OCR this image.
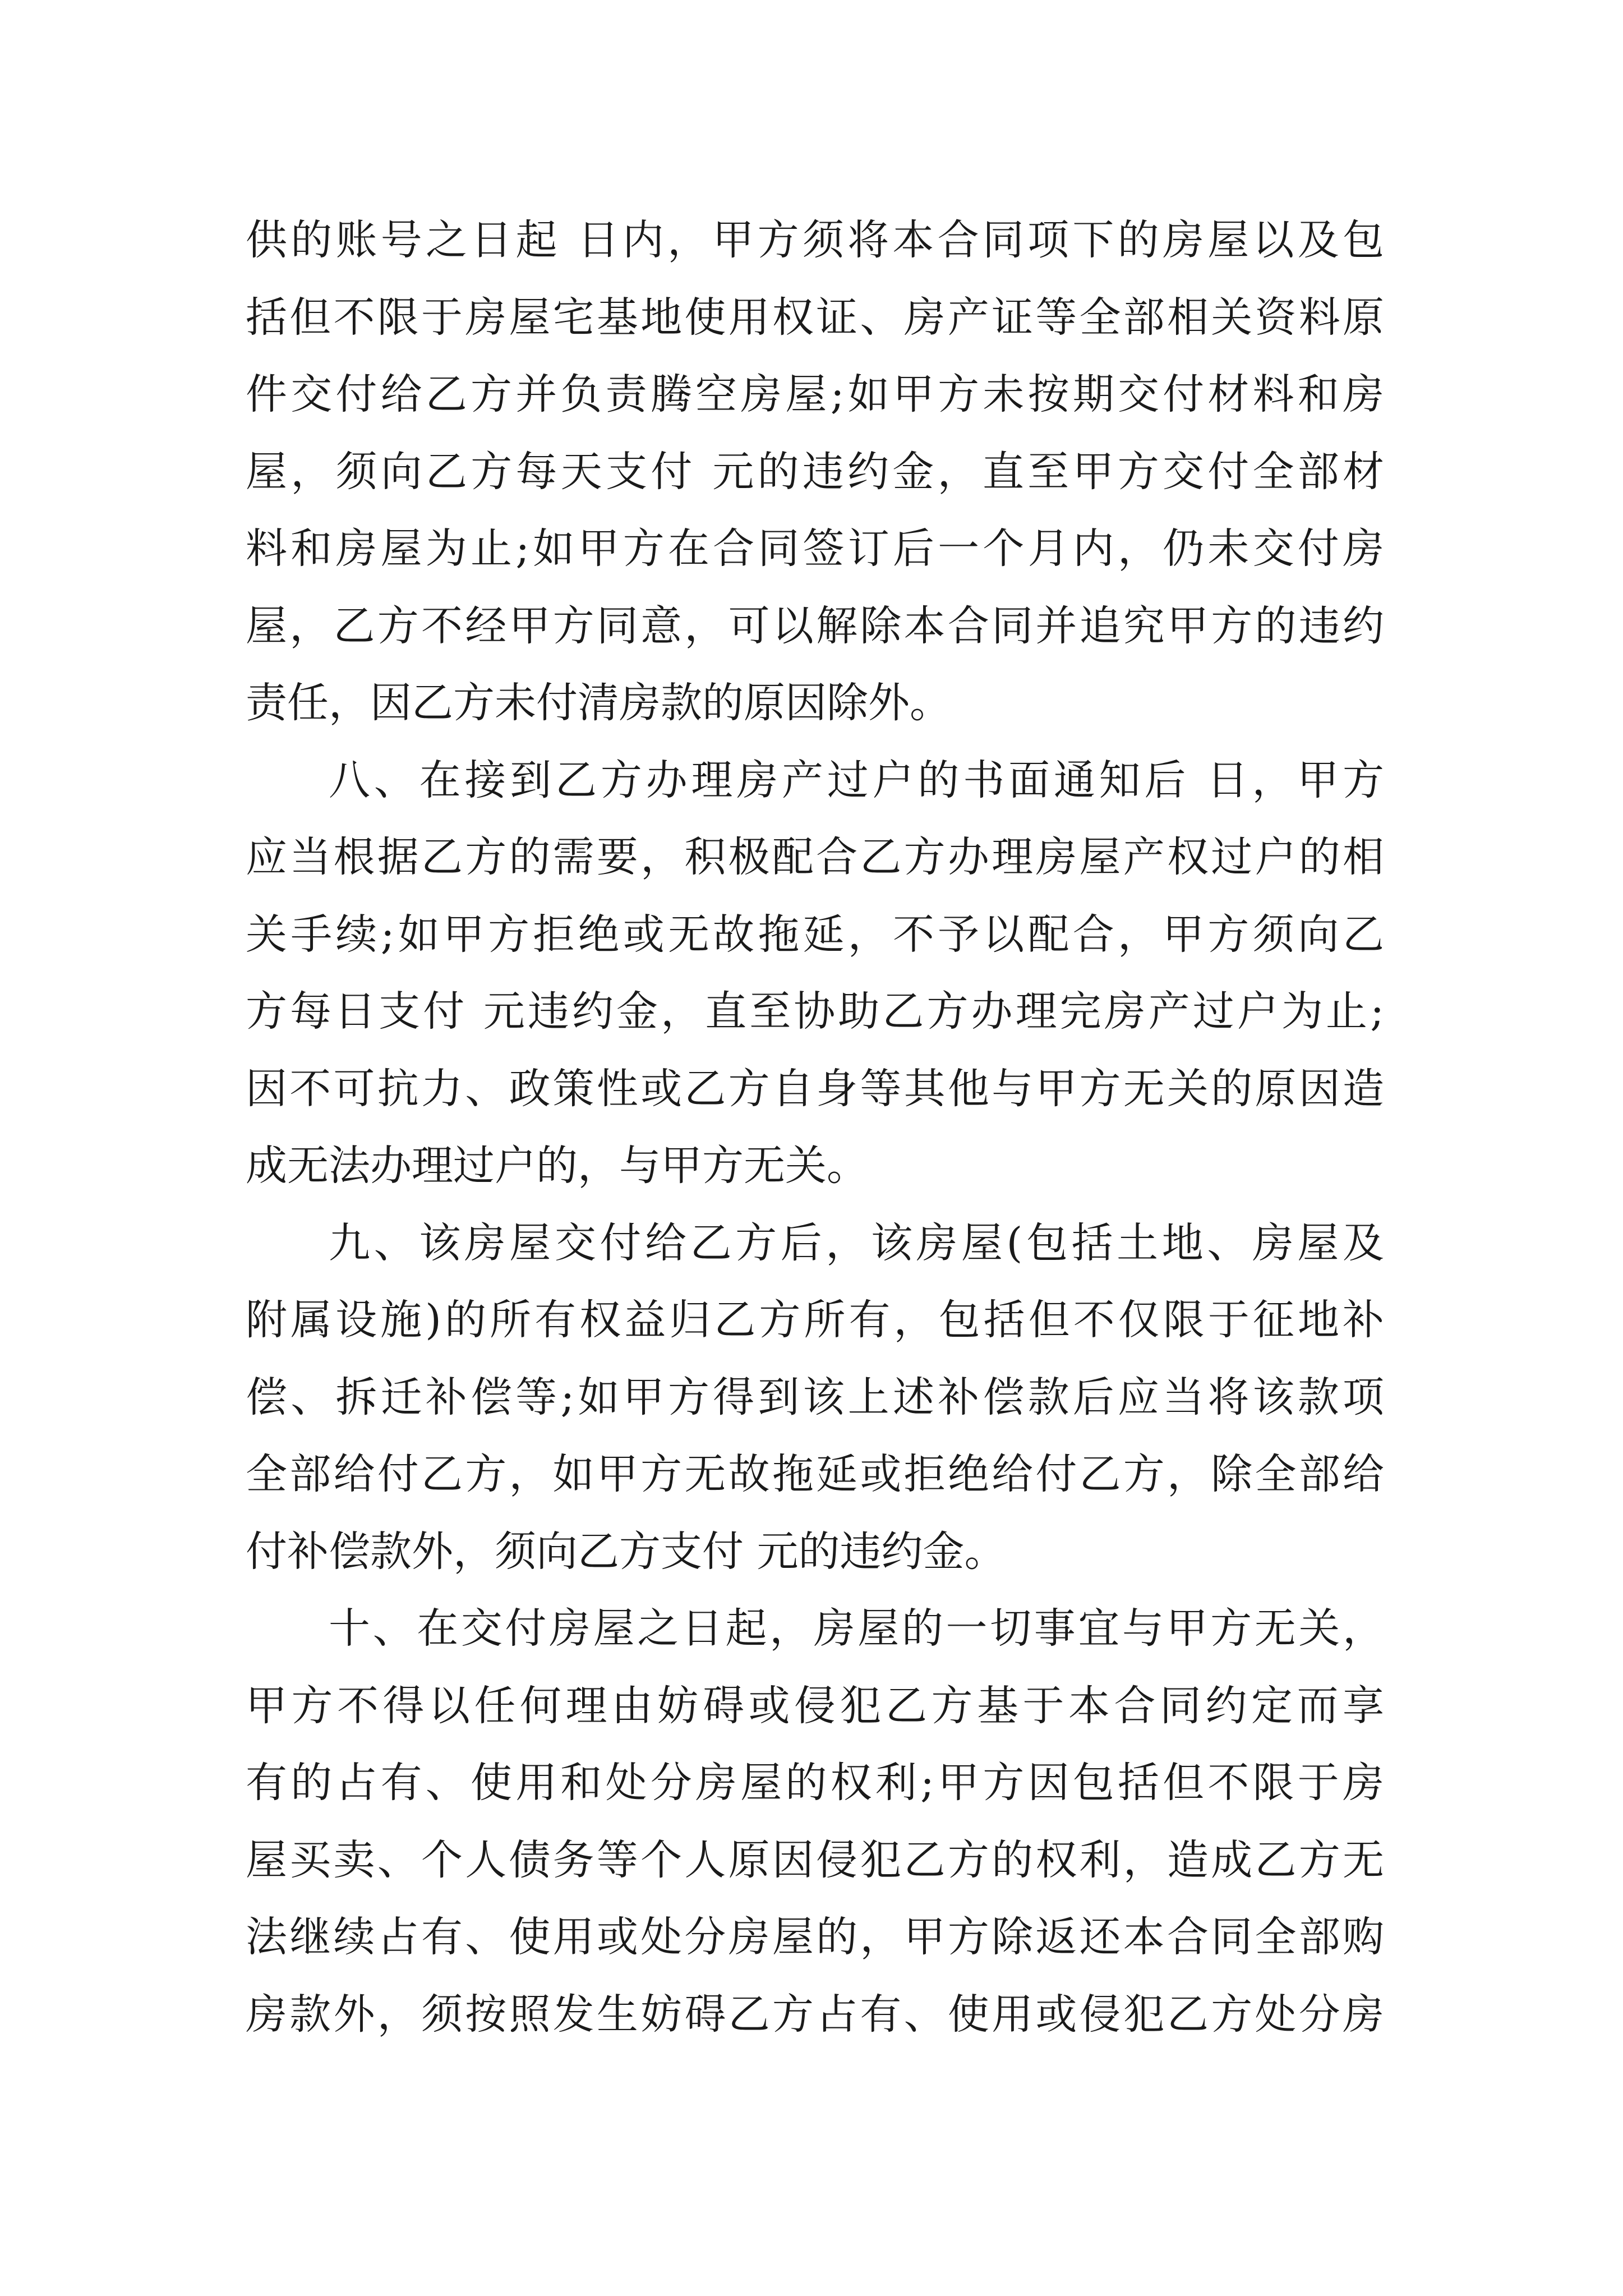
供的账号之日起 日内，甲方须将本合同项下的房屋以及包
括但不限于房屋宅基地使用权证、房产证等全部相关资料原
件交付给乙方并负责腾空房屋;如甲方未按期交付材料和房
屋，须向乙方每天支付 元的违约金，直至甲方交付全部材
料和房屋为止;如甲方在合同签订后一个月内，仍未交付房
屋，乙方不经甲方同意，可以解除本合同并追究甲方的违约
责任，因乙方未付清房款的原因除外。
八、在接到乙方办理房产过户的书面通知后 日，甲方
应当根据乙方的需要，积极配合乙方办理房屋产权过户的相
关手续;如甲方拒绝或无故拖延，不予以配合，甲方须向乙
方每日支付 元违约金，直至协助乙方办理完房产过户为止;
因不可抗力、政策性或乙方自身等其他与甲方无关的原因造
成无法办理过户的，与甲方无关。
九、该房屋交付给乙方后，该房屋(包括土地、房屋及
附属设施)的所有权益归乙方所有，包括但不仅限于征地补
偿、拆迁补偿等;如甲方得到该上述补偿款后应当将该款项
全部给付乙方，如甲方无故拖延或拒绝给付乙方，除全部给
付补偿款外，须向乙方支付 元的违约金。
十、在交付房屋之日起，房屋的一切事宜与甲方无关，
甲方不得以任何理由妨碍或侵犯乙方基于本合同约定而享
有的占有、使用和处分房屋的权利;甲方因包括但不限于房
屋买卖、个人债务等个人原因侵犯乙方的权利，造成乙方无
法继续占有、使用或处分房屋的，甲方除返还本合同全部购
房款外，须按照发生妨碍乙方占有、使用或侵犯乙方处分房
